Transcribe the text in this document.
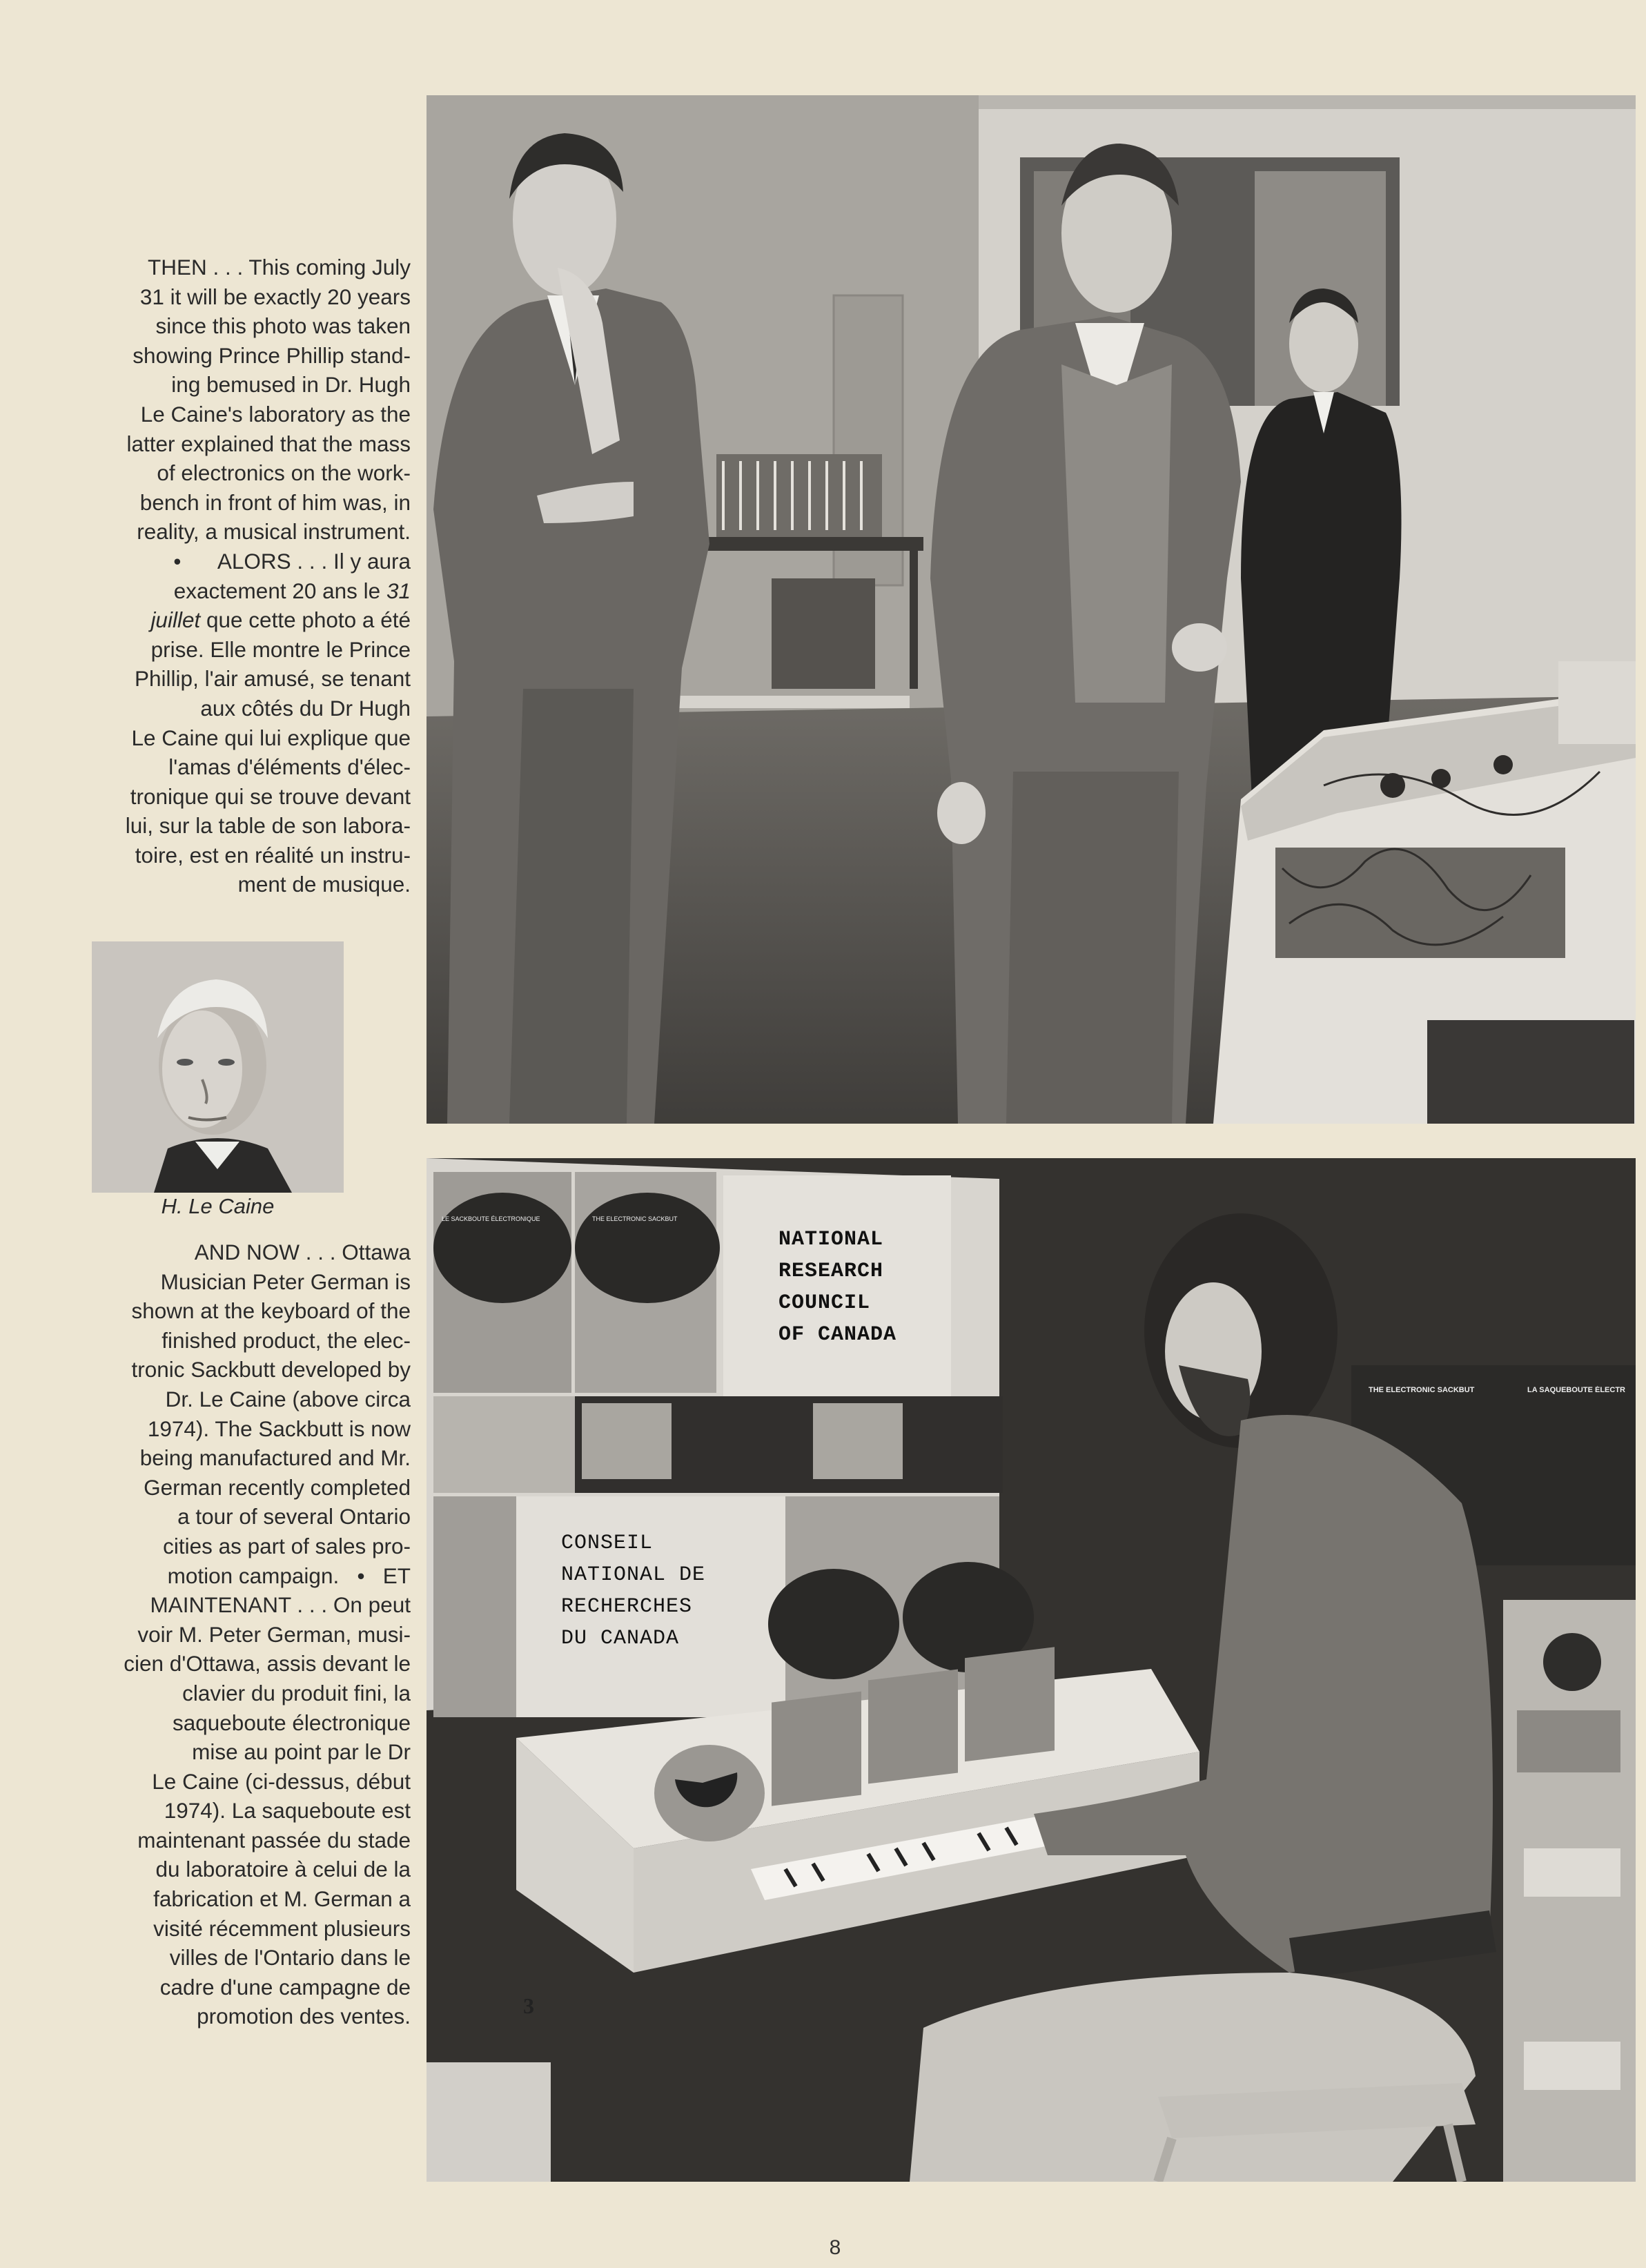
THEN . . . This coming July

31 it will be exactly 20 years

since this photo was taken

showing Prince Phillip stand-

ing bemused in Dr. Hugh

Le Caine's laboratory as the

latter explained that the mass

of electronics on the work-

bench in front of him was, in

reality, a musical instrument.

• ALORS . . . Il y aura

exactement 20 ans le 31

juillet que cette photo a été

prise. Elle montre le Prince

Phillip, l'air amusé, se tenant

aux côtés du Dr Hugh

Le Caine qui lui explique que

l'amas d'éléments d'élec-

tronique qui se trouve devant

lui, sur la table de son labora-

toire, est en réalité un instru-

ment de musique.

H. Le Caine

AND NOW . . . Ottawa

Musician Peter German is

shown at the keyboard of the

finished product, the elec-

tronic Sackbutt developed by

Dr. Le Caine (above circa

1974). The Sackbutt is now

being manufactured and Mr.

German recently completed

a tour of several Ontario

cities as part of sales pro-

motion campaign.   •   ET

MAINTENANT . . . On peut

voir M. Peter German, musi-

cien d'Ottawa, assis devant le

clavier du produit fini, la

saqueboute électronique

mise au point par le Dr

Le Caine (ci-dessus, début

1974). La saqueboute est

maintenant passée du stade

du laboratoire à celui de la

fabrication et M. German a

visité récemment plusieurs

villes de l'Ontario dans le

cadre d'une campagne de

promotion des ventes.

NATIONAL
RESEARCH
COUNCIL
OF CANADA
CONSEIL
NATIONAL DE
RECHERCHES
DU CANADA
LE SACKBOUTE ÉLECTRONIQUE	THE ELECTRONIC SACKBUT
THE ELECTRONIC SACKBUT	LA SAQUEBOUTE ÉLECTR
3
8
